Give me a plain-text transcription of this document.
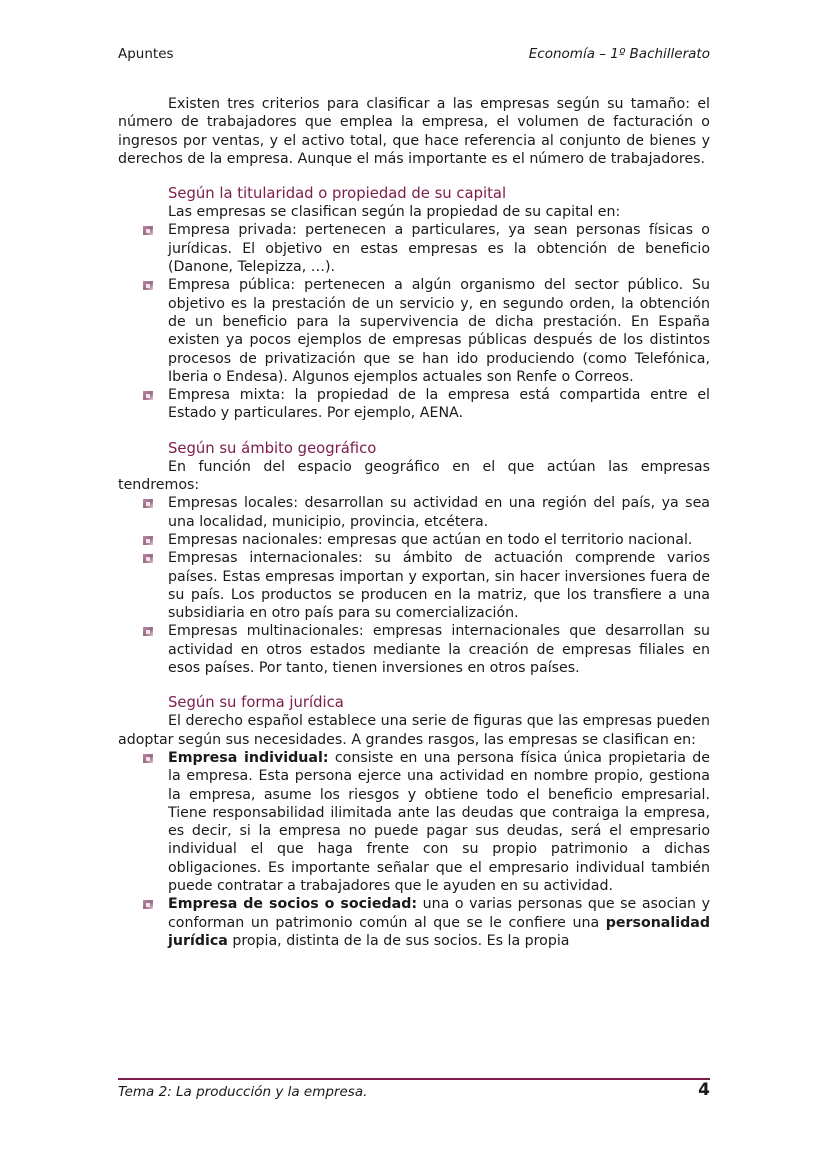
Apuntes	Economía – 1º Bachillerato

Existen tres criterios para clasificar a las empresas según su tamaño: el número de trabajadores que emplea la empresa, el volumen de facturación o ingresos por ventas, y el activo total, que hace referencia al conjunto de bienes y derechos de la empresa. Aunque el más importante es el número de trabajadores.

Según la titularidad o propiedad de su capital

Las empresas se clasifican según la propiedad de su capital en:

Empresa privada: pertenecen a particulares, ya sean personas físicas o jurídicas. El objetivo en estas empresas es la obtención de beneficio (Danone, Telepizza, …).
Empresa pública: pertenecen a algún organismo del sector público. Su objetivo es la prestación de un servicio y, en segundo orden, la obtención de un beneficio para la supervivencia de dicha prestación. En España existen ya pocos ejemplos de empresas públicas después de los distintos procesos de privatización que se han ido produciendo (como Telefónica, Iberia o Endesa). Algunos ejemplos actuales son Renfe o Correos.
Empresa mixta: la propiedad de la empresa está compartida entre el Estado y particulares. Por ejemplo, AENA.
Según su ámbito geográfico

En función del espacio geográfico en el que actúan las empresas tendremos:

Empresas locales: desarrollan su actividad en una región del país, ya sea una localidad, municipio, provincia, etcétera.
Empresas nacionales: empresas que actúan en todo el territorio nacional.
Empresas internacionales: su ámbito de actuación comprende varios países. Estas empresas importan y exportan, sin hacer inversiones fuera de su país. Los productos se producen en la matriz, que los transfiere a una subsidiaria en otro país para su comercialización.
Empresas multinacionales: empresas internacionales que desarrollan su actividad en otros estados mediante la creación de empresas filiales en esos países. Por tanto, tienen inversiones en otros países.
Según su forma jurídica

El derecho español establece una serie de figuras que las empresas pueden adoptar según sus necesidades. A grandes rasgos, las empresas se clasifican en:

Empresa individual: consiste en una persona física única propietaria de la empresa. Esta persona ejerce una actividad en nombre propio, gestiona la empresa, asume los riesgos y obtiene todo el beneficio empresarial. Tiene responsabilidad ilimitada ante las deudas que contraiga la empresa, es decir, si la empresa no puede pagar sus deudas, será el empresario individual el que haga frente con su propio patrimonio a dichas obligaciones. Es importante señalar que el empresario individual también puede contratar a trabajadores que le ayuden en su actividad.
Empresa de socios o sociedad: una o varias personas que se asocian y conforman un patrimonio común al que se le confiere una personalidad jurídica propia, distinta de la de sus socios. Es la propia
Tema 2: La producción y la empresa.	4
